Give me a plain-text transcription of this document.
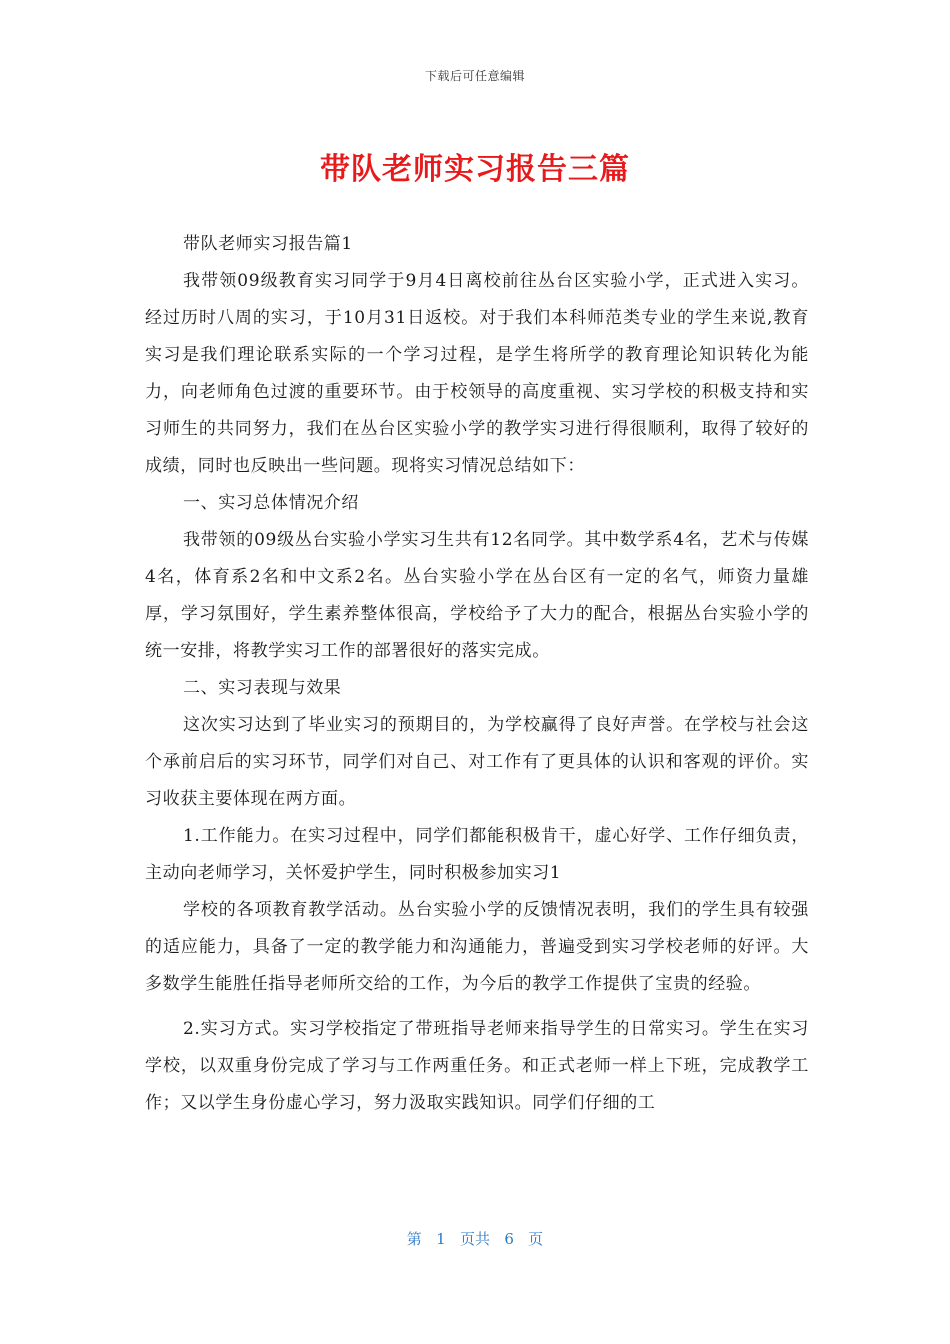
下载后可任意编辑
带队老师实习报告三篇

带队老师实习报告篇1

我带领09级教育实习同学于9月4日离校前往丛台区实验小学，正式进入实习。经过历时八周的实习，于10月31日返校。对于我们本科师范类专业的学生来说,教育实习是我们理论联系实际的一个学习过程，是学生将所学的教育理论知识转化为能力，向老师角色过渡的重要环节。由于校领导的高度重视、实习学校的积极支持和实习师生的共同努力，我们在丛台区实验小学的教学实习进行得很顺利，取得了较好的成绩，同时也反映出一些问题。现将实习情况总结如下：

一、实习总体情况介绍

我带领的09级丛台实验小学实习生共有12名同学。其中数学系4名，艺术与传媒4名，体育系2名和中文系2名。丛台实验小学在丛台区有一定的名气，师资力量雄厚，学习氛围好，学生素养整体很高，学校给予了大力的配合，根据丛台实验小学的统一安排，将教学实习工作的部署很好的落实完成。

二、实习表现与效果

这次实习达到了毕业实习的预期目的，为学校赢得了良好声誉。在学校与社会这个承前启后的实习环节，同学们对自己、对工作有了更具体的认识和客观的评价。实习收获主要体现在两方面。

1.工作能力。在实习过程中，同学们都能积极肯干，虚心好学、工作仔细负责，主动向老师学习，关怀爱护学生，同时积极参加实习1

学校的各项教育教学活动。丛台实验小学的反馈情况表明，我们的学生具有较强的适应能力，具备了一定的教学能力和沟通能力，普遍受到实习学校老师的好评。大多数学生能胜任指导老师所交给的工作，为今后的教学工作提供了宝贵的经验。

2.实习方式。实习学校指定了带班指导老师来指导学生的日常实习。学生在实习学校，以双重身份完成了学习与工作两重任务。和正式老师一样上下班，完成教学工作；又以学生身份虚心学习，努力汲取实践知识。同学们仔细的工

第 1 页共 6 页
